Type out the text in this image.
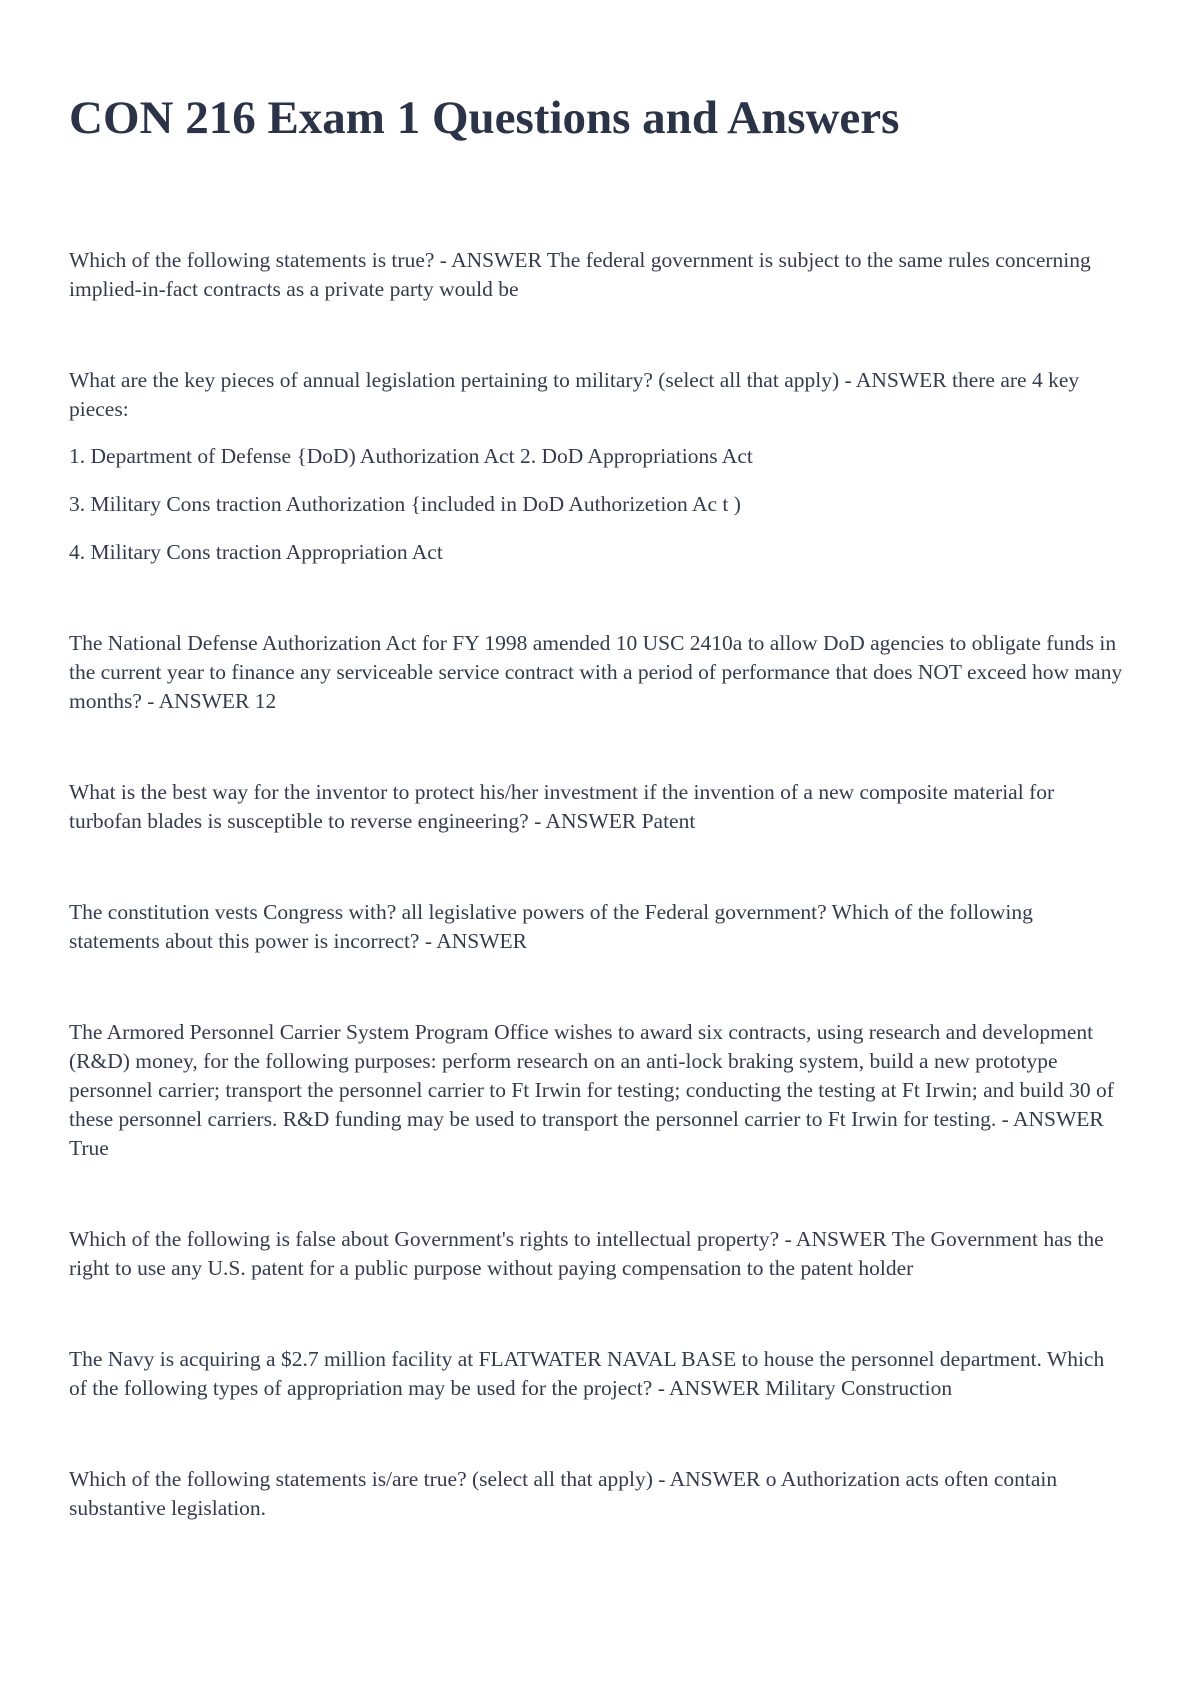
CON 216 Exam 1 Questions and Answers

Which of the following statements is true? - ANSWER The federal government is subject to the same rules concerning implied-in-fact contracts as a private party would be

What are the key pieces of annual legislation pertaining to military? (select all that apply) - ANSWER there are 4 key pieces:

1. Department of Defense {DoD) Authorization Act 2. DoD Appropriations Act

3. Military Cons traction Authorization {included in DoD Authorizetion Ac t )

4. Military Cons traction Appropriation Act

The National Defense Authorization Act for FY 1998 amended 10 USC 2410a to allow DoD agencies to obligate funds in the current year to finance any serviceable service contract with a period of performance that does NOT exceed how many months? - ANSWER 12

What is the best way for the inventor to protect his/her investment if the invention of a new composite material for turbofan blades is susceptible to reverse engineering? - ANSWER Patent

The constitution vests Congress with? all legislative powers of the Federal government? Which of the following statements about this power is incorrect? - ANSWER

The Armored Personnel Carrier System Program Office wishes to award six contracts, using research and development (R&D) money, for the following purposes: perform research on an anti-lock braking system, build a new prototype personnel carrier; transport the personnel carrier to Ft Irwin for testing; conducting the testing at Ft Irwin; and build 30 of these personnel carriers. R&D funding may be used to transport the personnel carrier to Ft Irwin for testing. - ANSWER True

Which of the following is false about Government's rights to intellectual property? - ANSWER The Government has the right to use any U.S. patent for a public purpose without paying compensation to the patent holder

The Navy is acquiring a $2.7 million facility at FLATWATER NAVAL BASE to house the personnel department. Which of the following types of appropriation may be used for the project? - ANSWER Military Construction

Which of the following statements is/are true? (select all that apply) - ANSWER o Authorization acts often contain substantive legislation.
